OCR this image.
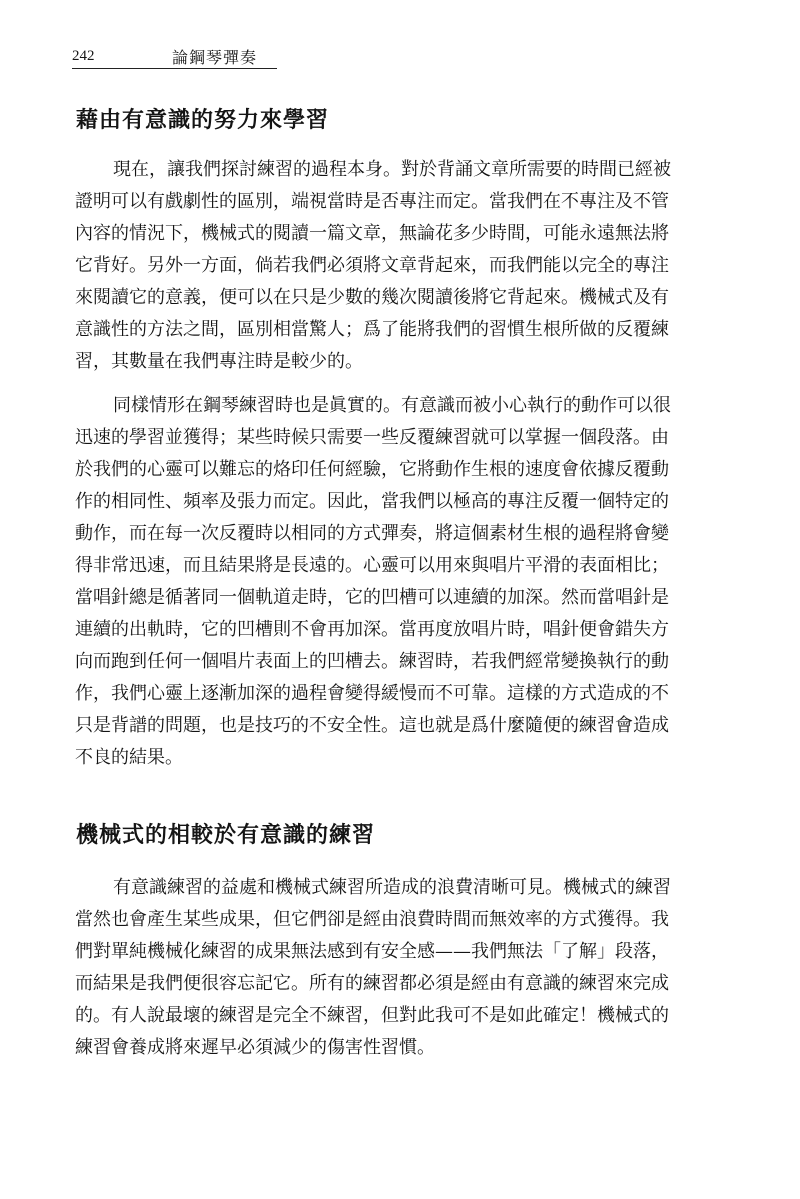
242	論鋼琴彈奏
藉由有意識的努力來學習
現在，讓我們探討練習的過程本身。對於背誦文章所需要的時間已經被
證明可以有戲劇性的區別，端視當時是否專注而定。當我們在不專注及不管
內容的情況下，機械式的閱讀一篇文章，無論花多少時間，可能永遠無法將
它背好。另外一方面，倘若我們必須將文章背起來，而我們能以完全的專注
來閱讀它的意義，便可以在只是少數的幾次閱讀後將它背起來。機械式及有
意識性的方法之間，區別相當驚人；爲了能將我們的習慣生根所做的反覆練
習，其數量在我們專注時是較少的。
同樣情形在鋼琴練習時也是眞實的。有意識而被小心執行的動作可以很
迅速的學習並獲得；某些時候只需要一些反覆練習就可以掌握一個段落。由
於我們的心靈可以難忘的烙印任何經驗，它將動作生根的速度會依據反覆動
作的相同性、頻率及張力而定。因此，當我們以極高的專注反覆一個特定的
動作，而在每一次反覆時以相同的方式彈奏，將這個素材生根的過程將會變
得非常迅速，而且結果將是長遠的。心靈可以用來與唱片平滑的表面相比；
當唱針總是循著同一個軌道走時，它的凹槽可以連續的加深。然而當唱針是
連續的出軌時，它的凹槽則不會再加深。當再度放唱片時，唱針便會錯失方
向而跑到任何一個唱片表面上的凹槽去。練習時，若我們經常變換執行的動
作，我們心靈上逐漸加深的過程會變得緩慢而不可靠。這樣的方式造成的不
只是背譜的問題，也是技巧的不安全性。這也就是爲什麼隨便的練習會造成
不良的結果。
機械式的相較於有意識的練習
有意識練習的益處和機械式練習所造成的浪費清晰可見。機械式的練習
當然也會產生某些成果，但它們卻是經由浪費時間而無效率的方式獲得。我
們對單純機械化練習的成果無法感到有安全感——我們無法「了解」段落，
而結果是我們便很容忘記它。所有的練習都必須是經由有意識的練習來完成
的。有人說最壞的練習是完全不練習，但對此我可不是如此確定！機械式的
練習會養成將來遲早必須減少的傷害性習慣。
